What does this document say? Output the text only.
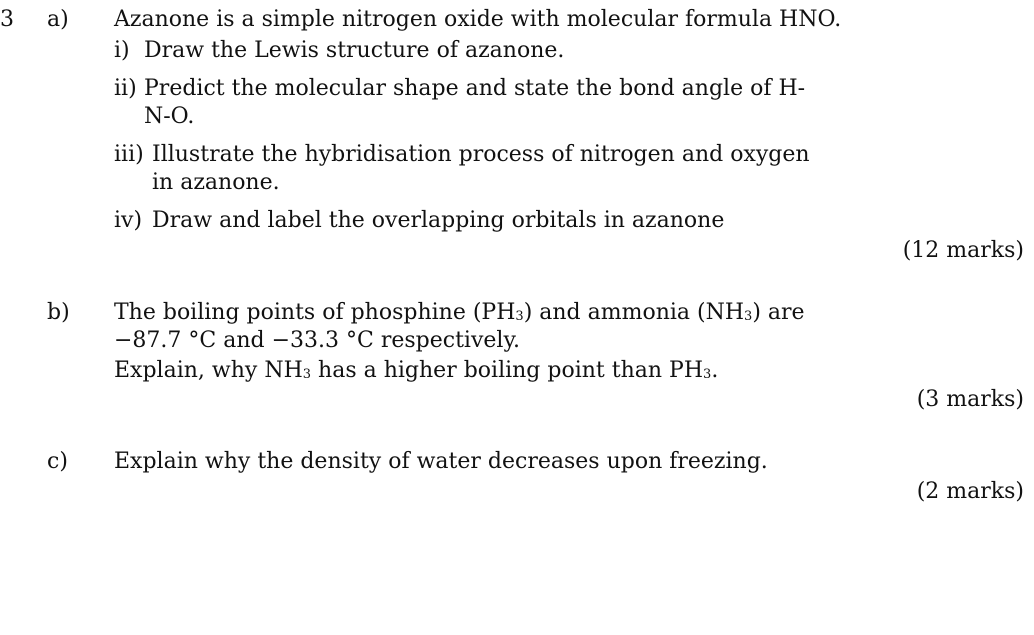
3 a) Azanone is a simple nitrogen oxide with molecular formula HNO.
i) Draw the Lewis structure of azanone.
ii) Predict the molecular shape and state the bond angle of H-
N-O.
iii) Illustrate the hybridisation process of nitrogen and oxygen
in azanone.
iv) Draw and label the overlapping orbitals in azanone
(12 marks)
b) The boiling points of phosphine $(PH_3)$ and ammonia $(NH_3)$ are
−87.7 °C and −33.3 °C respectively.
Explain, why $NH_3$ has a higher boiling point than $PH_3$.
(3 marks)
c) Explain why the density of water decreases upon freezing.
(2 marks)
